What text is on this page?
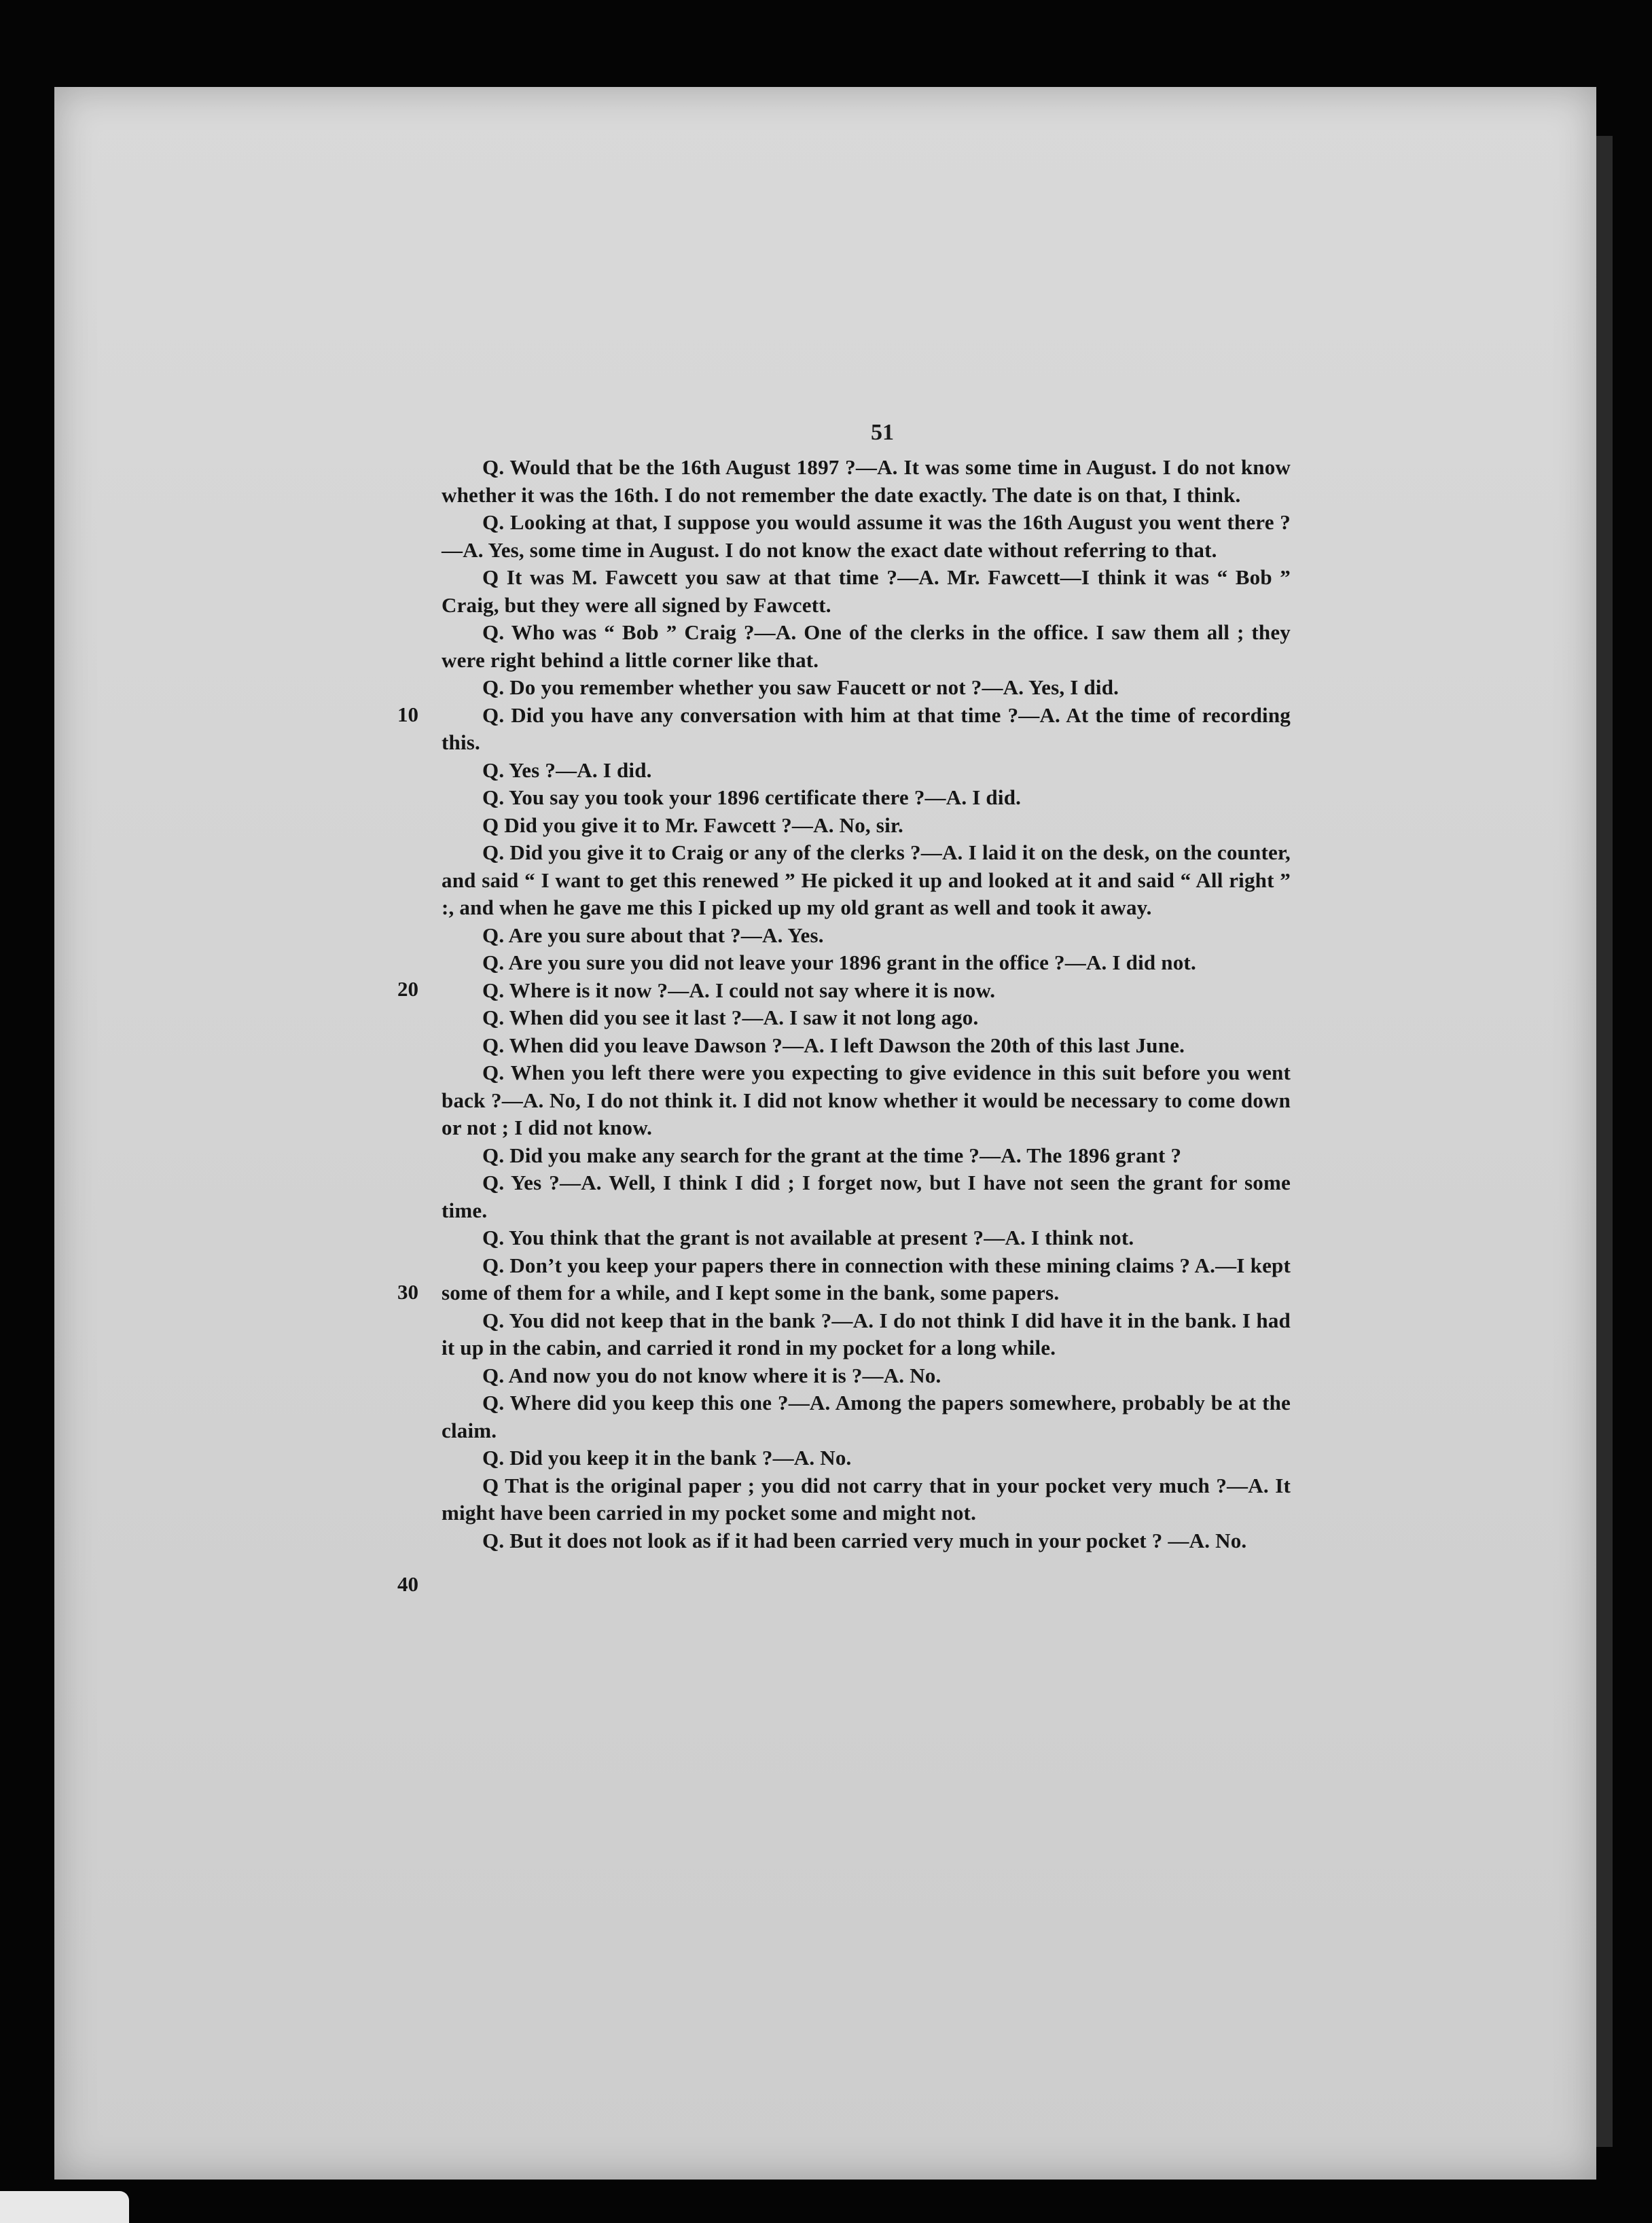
51
10
20
30
40

Q. Would that be the 16th August 1897 ?—A. It was some time in August. I do not know whether it was the 16th. I do not remember the date exactly. The date is on that, I think.

Q. Looking at that, I suppose you would assume it was the 16th August you went there ?—A. Yes, some time in August. I do not know the exact date without referring to that.

Q It was M. Fawcett you saw at that time ?—A. Mr. Fawcett—I think it was “ Bob ” Craig, but they were all signed by Fawcett.

Q. Who was “ Bob ” Craig ?—A. One of the clerks in the office. I saw them all ; they were right behind a little corner like that.

Q. Do you remember whether you saw Faucett or not ?—A. Yes, I did.

Q. Did you have any conversation with him at that time ?—A. At the time of recording this.

Q. Yes ?—A. I did.

Q. You say you took your 1896 certificate there ?—A. I did.

Q Did you give it to Mr. Fawcett ?—A. No, sir.

Q. Did you give it to Craig or any of the clerks ?—A. I laid it on the desk, on the counter, and said “ I want to get this renewed ” He picked it up and looked at it and said “ All right ” :, and when he gave me this I picked up my old grant as well and took it away.

Q. Are you sure about that ?—A. Yes.

Q. Are you sure you did not leave your 1896 grant in the office ?—A. I did not.

Q. Where is it now ?—A. I could not say where it is now.

Q. When did you see it last ?—A. I saw it not long ago.

Q. When did you leave Dawson ?—A. I left Dawson the 20th of this last June.

Q. When you left there were you expecting to give evidence in this suit before you went back ?—A. No, I do not think it. I did not know whether it would be necessary to come down or not ; I did not know.

Q. Did you make any search for the grant at the time ?—A. The 1896 grant ?

Q. Yes ?—A. Well, I think I did ; I forget now, but I have not seen the grant for some time.

Q. You think that the grant is not available at present ?—A. I think not.

Q. Don’t you keep your papers there in connection with these mining claims ? A.—I kept some of them for a while, and I kept some in the bank, some papers.

Q. You did not keep that in the bank ?—A. I do not think I did have it in the bank. I had it up in the cabin, and carried it rond in my pocket for a long while.

Q. And now you do not know where it is ?—A. No.

Q. Where did you keep this one ?—A. Among the papers somewhere, probably be at the claim.

Q. Did you keep it in the bank ?—A. No.

Q That is the original paper ; you did not carry that in your pocket very much ?—A. It might have been carried in my pocket some and might not.

Q. But it does not look as if it had been carried very much in your pocket ? —A. No.
